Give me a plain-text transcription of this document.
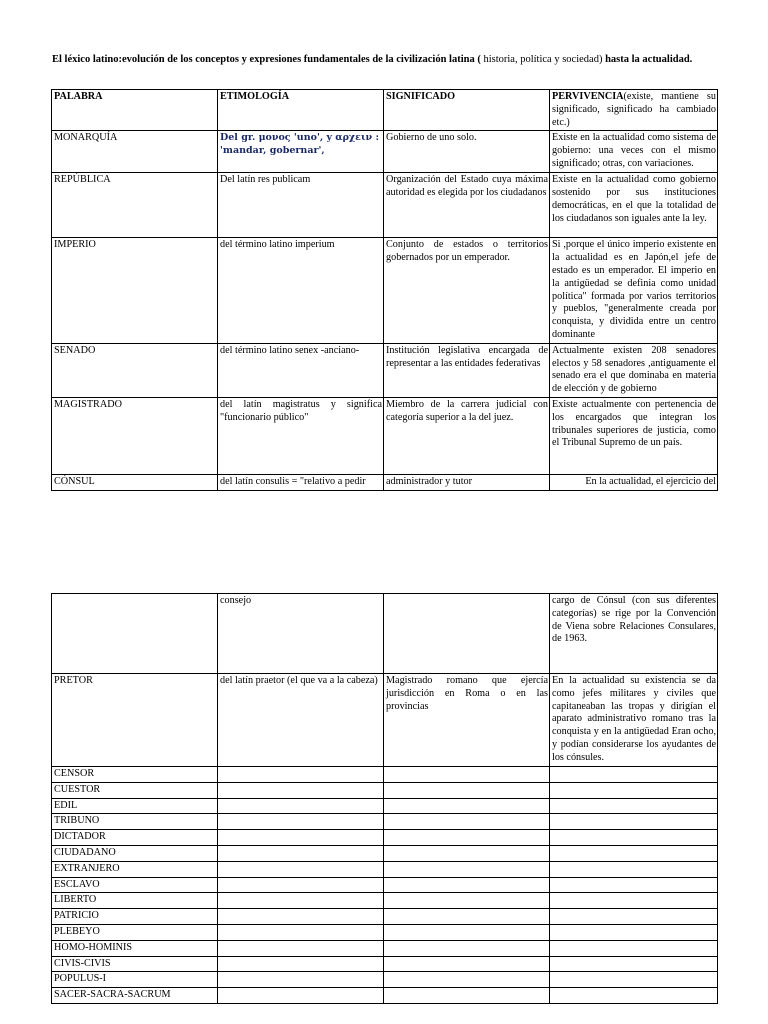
El léxico latino:evolución de los conceptos y expresiones fundamentales de la civilización latina ( historia, política y sociedad) hasta la actualidad.
PALABRA	ETIMOLOGÍA	SIGNIFICADO	PERVIVENCIA(existe, mantiene su significado, significado ha cambiado etc.)
MONARQUÍA	Del gr. μονος 'uno', y αρχειν : 'mandar, gobernar',	Gobierno de uno solo.	Existe en la actualidad como sistema de gobierno: una veces con el mismo significado; otras, con variaciones.
REPÚBLICA	Del latín res publicam	Organización del Estado cuya máxima autoridad es elegida por los ciudadanos	Existe en la actualidad como gobierno sostenido por sus instituciones democráticas, en el que la totalidad de los ciudadanos son iguales ante la ley.
IMPERIO	del término latino imperium	Conjunto de estados o territorios gobernados por un emperador.	Si ,porque el único imperio existente en la actualidad es en Japón,el jefe de estado es un emperador. El imperio en la antigüedad se definia como unidad política" formada por varios territorios y pueblos, "generalmente creada por conquista, y dividida entre un centro dominante
SENADO	del término latino senex -anciano-	Institución legislativa encargada de representar a las entidades federativas	Actualmente existen 208 senadores electos y 58 senadores ,antiguamente el senado era el que dominaba en materia de elección y de gobierno
MAGISTRADO	del latín magistratus y significa "funcionario público"	Miembro de la carrera judicial con categoría superior a la del juez.	Existe actualmente con pertenencia de los encargados que integran los tribunales superiores de justicia, como el Tribunal Supremo de un país.
CÓNSUL	del latín consulis = "relativo a pedir	administrador y tutor	En la actualidad, el ejercicio del
	consejo		cargo de Cónsul (con sus diferentes categorías) se rige por la Convención de Viena sobre Relaciones Consulares, de 1963.
PRETOR	del latín praetor (el que va a la cabeza)	Magistrado romano que ejercía jurisdicción en Roma o en las provincias	En la actualidad su existencia se da como jefes militares y civiles que capitaneaban las tropas y dirigían el aparato administrativo romano tras la conquista y en la antigüedad Eran ocho, y podían considerarse los ayudantes de los cónsules.
CENSOR			
CUESTOR			
EDIL			
TRIBUNO			
DICTADOR			
CIUDADANO			
EXTRANJERO			
ESCLAVO			
LIBERTO			
PATRICIO			
PLEBEYO			
HOMO-HOMINIS			
CIVIS-CIVIS			
POPULUS-I			
SACER-SACRA-SACRUM			
